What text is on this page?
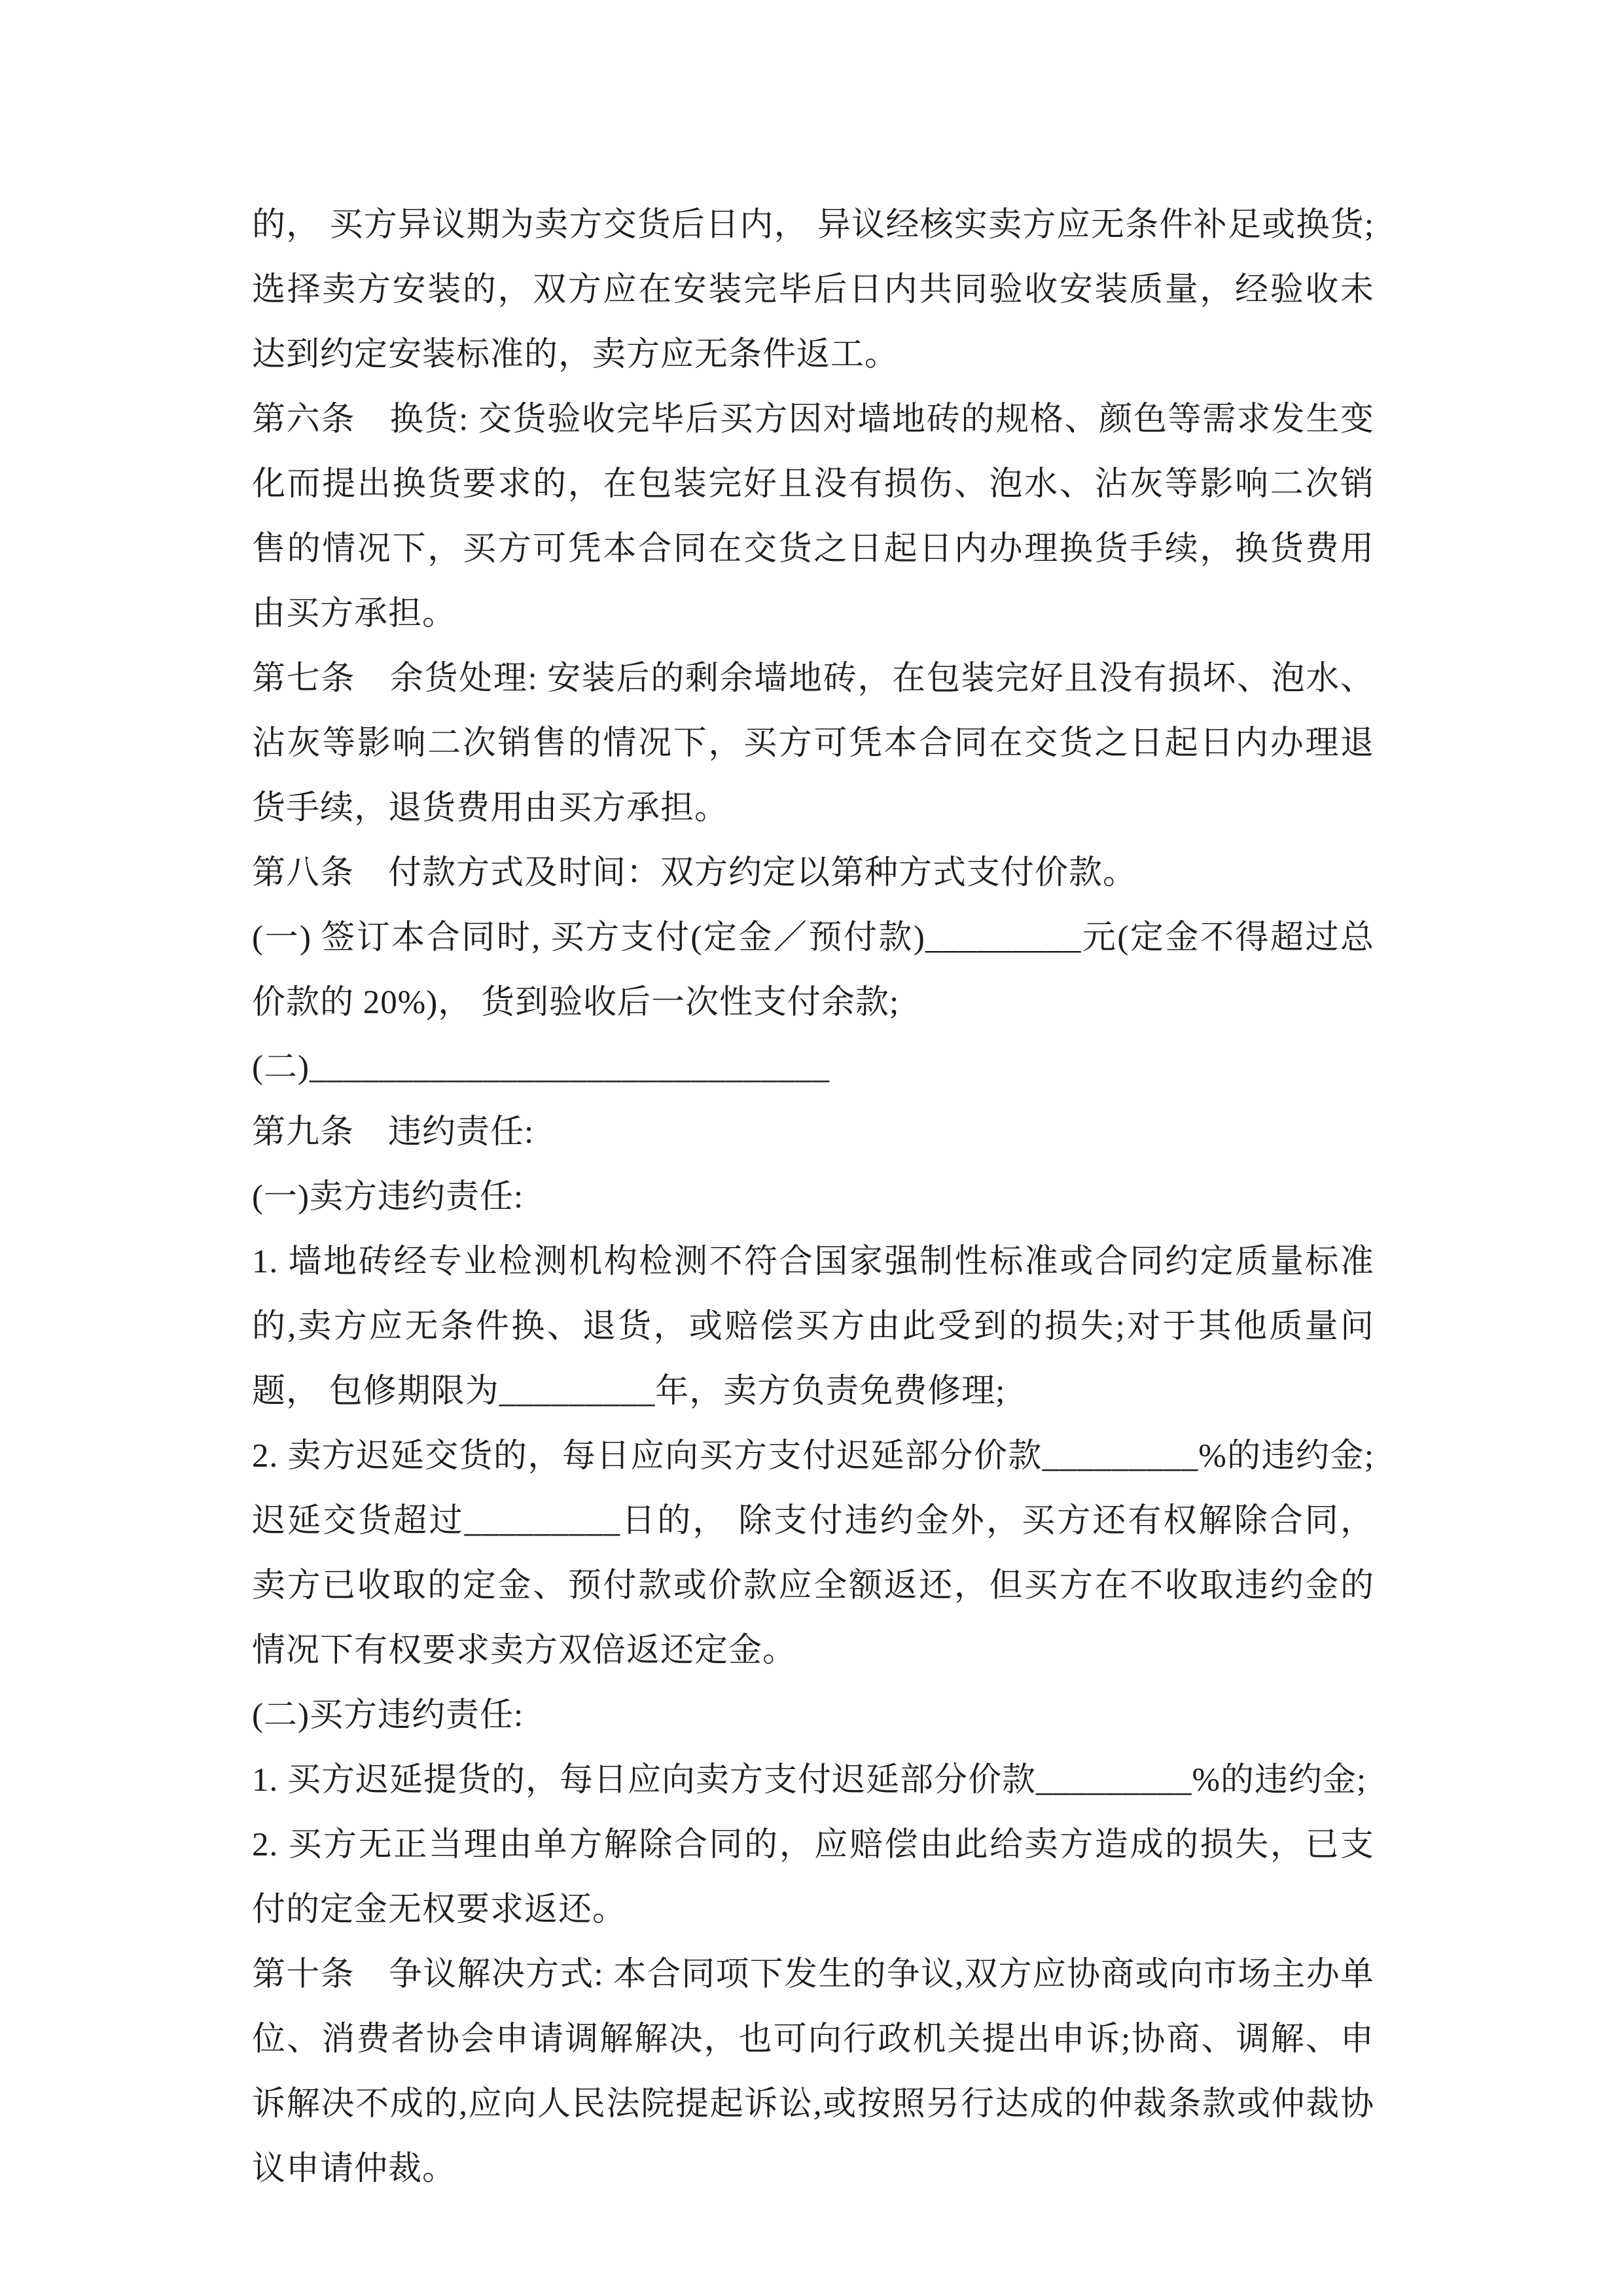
的， 买方异议期为卖方交货后日内， 异议经核实卖方应无条件补足或换货;选择卖方安装的，双方应在安装完毕后日内共同验收安装质量，经验收未达到约定安装标准的，卖方应无条件返工。

第六条　换货: 交货验收完毕后买方因对墙地砖的规格、颜色等需求发生变化而提出换货要求的，在包装完好且没有损伤、泡水、沾灰等影响二次销售的情况下，买方可凭本合同在交货之日起日内办理换货手续，换货费用由买方承担。

第七条　余货处理: 安装后的剩余墙地砖，在包装完好且没有损坏、泡水、沾灰等影响二次销售的情况下，买方可凭本合同在交货之日起日内办理退货手续，退货费用由买方承担。

第八条　付款方式及时间：双方约定以第种方式支付价款。

(一) 签订本合同时, 买方支付(定金／预付款)_________元(定金不得超过总价款的 20%)， 货到验收后一次性支付余款;

(二)______________________________

第九条　违约责任:

(一)卖方违约责任:

1. 墙地砖经专业检测机构检测不符合国家强制性标准或合同约定质量标准的,卖方应无条件换、退货，或赔偿买方由此受到的损失;对于其他质量问题， 包修期限为_________年，卖方负责免费修理;

2. 卖方迟延交货的，每日应向买方支付迟延部分价款_________%的违约金;迟延交货超过_________日的， 除支付违约金外，买方还有权解除合同， 卖方已收取的定金、预付款或价款应全额返还，但买方在不收取违约金的情况下有权要求卖方双倍返还定金。

(二)买方违约责任:

1. 买方迟延提货的，每日应向卖方支付迟延部分价款_________%的违约金;

2. 买方无正当理由单方解除合同的，应赔偿由此给卖方造成的损失，已支付的定金无权要求返还。

第十条　争议解决方式: 本合同项下发生的争议,双方应协商或向市场主办单位、消费者协会申请调解解决，也可向行政机关提出申诉;协商、调解、申诉解决不成的,应向人民法院提起诉讼,或按照另行达成的仲裁条款或仲裁协议申请仲裁。
